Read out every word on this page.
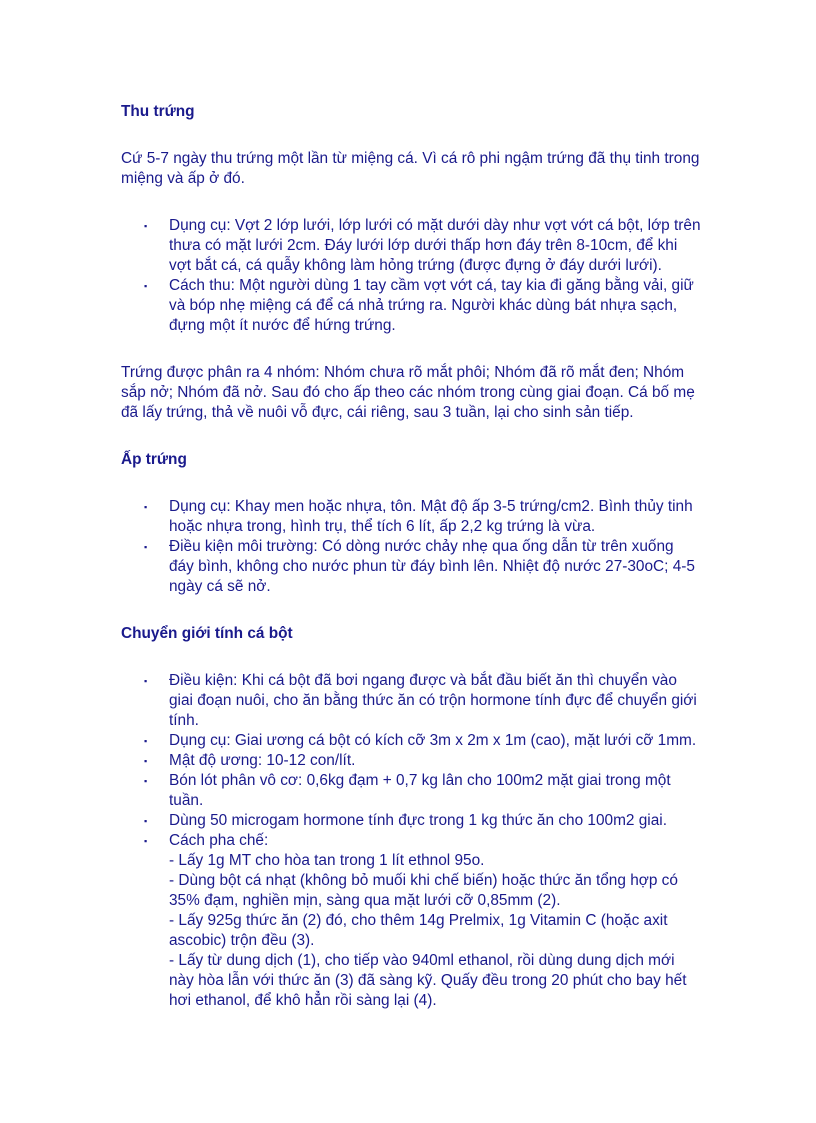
Thu trứng

Cứ 5-7 ngày thu trứng một lần từ miệng cá. Vì cá rô phi ngậm trứng đã thụ tinh trong miệng và ấp ở đó.

▪ Dụng cụ: Vợt 2 lớp lưới, lớp lưới có mặt dưới dày như vợt vớt cá bột, lớp trên thưa có mặt lưới 2cm. Đáy lưới lớp dưới thấp hơn đáy trên 8-10cm, để khi vợt bắt cá, cá quẫy không làm hỏng trứng (được đựng ở đáy dưới lưới).
▪ Cách thu: Một người dùng 1 tay cầm vợt vớt cá, tay kia đi găng bằng vải, giữ và bóp nhẹ miệng cá để cá nhả trứng ra. Người khác dùng bát nhựa sạch, đựng một ít nước để hứng trứng.

Trứng được phân ra 4 nhóm: Nhóm chưa rõ mắt phôi; Nhóm đã rõ mắt đen; Nhóm sắp nở; Nhóm đã nở. Sau đó cho ấp theo các nhóm trong cùng giai đoạn. Cá bố mẹ đã lấy trứng, thả về nuôi vỗ đực, cái riêng, sau 3 tuần, lại cho sinh sản tiếp.

Ấp trứng
▪ Dụng cụ: Khay men hoặc nhựa, tôn. Mật độ ấp 3-5 trứng/cm2. Bình thủy tinh hoặc nhựa trong, hình trụ, thể tích 6 lít, ấp 2,2 kg trứng là vừa.
▪ Điều kiện môi trường: Có dòng nước chảy nhẹ qua ống dẫn từ trên xuống đáy bình, không cho nước phun từ đáy bình lên. Nhiệt độ nước 27-30oC; 4-5 ngày cá sẽ nở.
Chuyển giới tính cá bột
▪ Điều kiện: Khi cá bột đã bơi ngang được và bắt đầu biết ăn thì chuyển vào giai đoạn nuôi, cho ăn bằng thức ăn có trộn hormone tính đực để chuyển giới tính.
▪ Dụng cụ: Giai ương cá bột có kích cỡ 3m x 2m x 1m (cao), mặt lưới cỡ 1mm.
▪ Mật độ ương: 10-12 con/lít.
▪ Bón lót phân vô cơ: 0,6kg đạm + 0,7 kg lân cho 100m2 mặt giai trong một tuần.
▪ Dùng 50 microgam hormone tính đực trong 1 kg thức ăn cho 100m2 giai.
▪ Cách pha chế:
- Lấy 1g MT cho hòa tan trong 1 lít ethnol 95o.
- Dùng bột cá nhạt (không bỏ muối khi chế biến) hoặc thức ăn tổng hợp có 35% đạm, nghiền mịn, sàng qua mặt lưới cỡ 0,85mm (2).
- Lấy 925g thức ăn (2) đó, cho thêm 14g Prelmix, 1g Vitamin C (hoặc axit ascobic) trộn đều (3).
- Lấy từ dung dịch (1), cho tiếp vào 940ml ethanol, rồi dùng dung dịch mới này hòa lẫn với thức ăn (3) đã sàng kỹ. Quấy đều trong 20 phút cho bay hết hơi ethanol, để khô hẳn rồi sàng lại (4).
